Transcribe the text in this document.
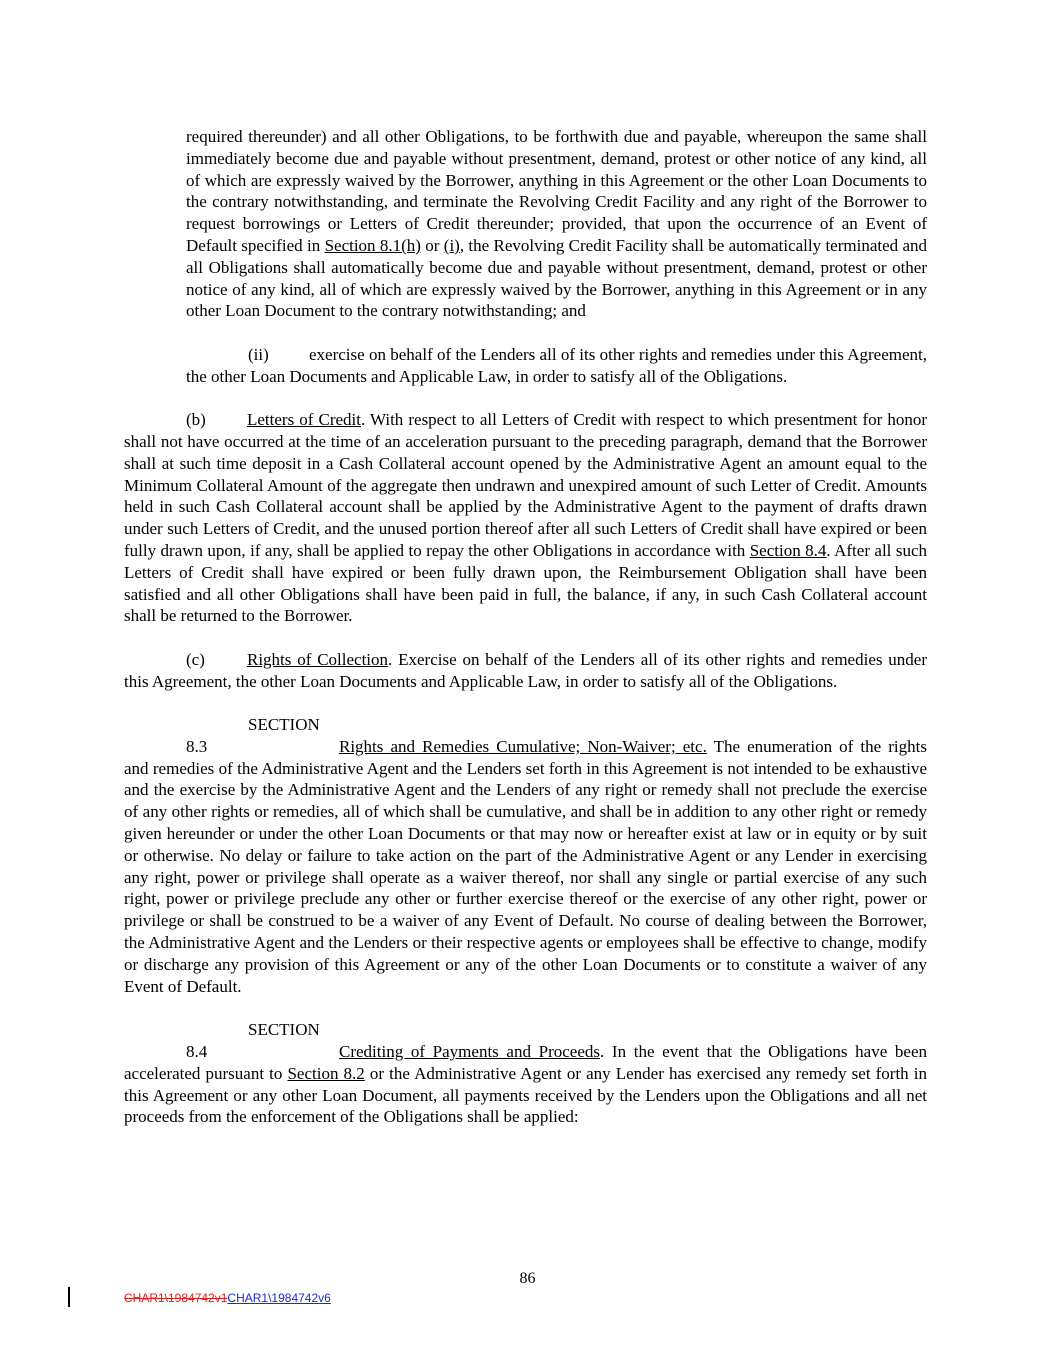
required thereunder) and all other Obligations, to be forthwith due and payable, whereupon the same shall immediately become due and payable without presentment, demand, protest or other notice of any kind, all of which are expressly waived by the Borrower, anything in this Agreement or the other Loan Documents to the contrary notwithstanding, and terminate the Revolving Credit Facility and any right of the Borrower to request borrowings or Letters of Credit thereunder; provided, that upon the occurrence of an Event of Default specified in Section 8.1(h) or (i), the Revolving Credit Facility shall be automatically terminated and all Obligations shall automatically become due and payable without presentment, demand, protest or other notice of any kind, all of which are expressly waived by the Borrower, anything in this Agreement or in any other Loan Document to the contrary notwithstanding; and

(ii) exercise on behalf of the Lenders all of its other rights and remedies under this Agreement, the other Loan Documents and Applicable Law, in order to satisfy all of the Obligations.

(b) Letters of Credit. With respect to all Letters of Credit with respect to which presentment for honor shall not have occurred at the time of an acceleration pursuant to the preceding paragraph, demand that the Borrower shall at such time deposit in a Cash Collateral account opened by the Administrative Agent an amount equal to the Minimum Collateral Amount of the aggregate then undrawn and unexpired amount of such Letter of Credit. Amounts held in such Cash Collateral account shall be applied by the Administrative Agent to the payment of drafts drawn under such Letters of Credit, and the unused portion thereof after all such Letters of Credit shall have expired or been fully drawn upon, if any, shall be applied to repay the other Obligations in accordance with Section 8.4. After all such Letters of Credit shall have expired or been fully drawn upon, the Reimbursement Obligation shall have been satisfied and all other Obligations shall have been paid in full, the balance, if any, in such Cash Collateral account shall be returned to the Borrower.

(c) Rights of Collection. Exercise on behalf of the Lenders all of its other rights and remedies under this Agreement, the other Loan Documents and Applicable Law, in order to satisfy all of the Obligations.

SECTION 8.3	Rights and Remedies Cumulative; Non-Waiver; etc. The enumeration of the rights and remedies of the Administrative Agent and the Lenders set forth in this Agreement is not intended to be exhaustive and the exercise by the Administrative Agent and the Lenders of any right or remedy shall not preclude the exercise of any other rights or remedies, all of which shall be cumulative, and shall be in addition to any other right or remedy given hereunder or under the other Loan Documents or that may now or hereafter exist at law or in equity or by suit or otherwise. No delay or failure to take action on the part of the Administrative Agent or any Lender in exercising any right, power or privilege shall operate as a waiver thereof, nor shall any single or partial exercise of any such right, power or privilege preclude any other or further exercise thereof or the exercise of any other right, power or privilege or shall be construed to be a waiver of any Event of Default. No course of dealing between the Borrower, the Administrative Agent and the Lenders or their respective agents or employees shall be effective to change, modify or discharge any provision of this Agreement or any of the other Loan Documents or to constitute a waiver of any Event of Default.

SECTION 8.4	Crediting of Payments and Proceeds. In the event that the Obligations have been accelerated pursuant to Section 8.2 or the Administrative Agent or any Lender has exercised any remedy set forth in this Agreement or any other Loan Document, all payments received by the Lenders upon the Obligations and all net proceeds from the enforcement of the Obligations shall be applied:

86
CHAR1\1984742v1CHAR1\1984742v6
